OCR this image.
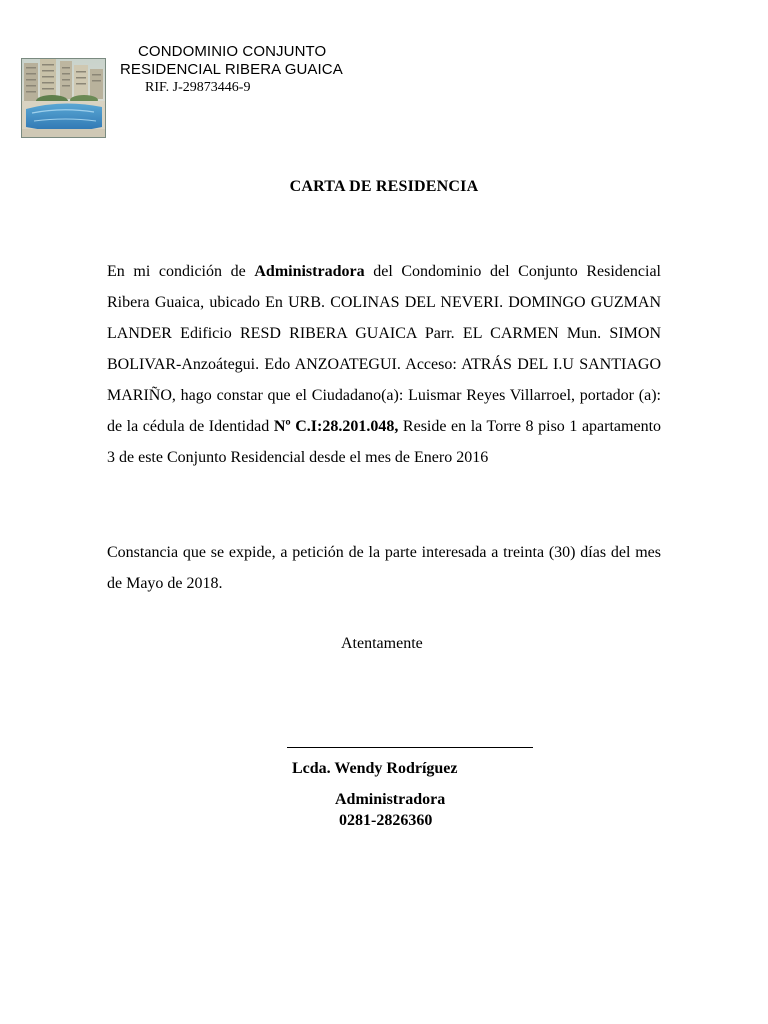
CONDOMINIO CONJUNTO
RESIDENCIAL RIBERA GUAICA
RIF. J-29873446-9
CARTA DE RESIDENCIA
En mi condición de Administradora del Condominio del Conjunto Residencial Ribera Guaica, ubicado En URB. COLINAS DEL NEVERI. DOMINGO GUZMAN LANDER Edificio RESD RIBERA GUAICA Parr. EL CARMEN Mun. SIMON BOLIVAR-Anzoátegui. Edo ANZOATEGUI. Acceso: ATRÁS DEL I.U SANTIAGO MARIÑO, hago constar que el Ciudadano(a): Luismar Reyes Villarroel, portador (a): de la cédula de Identidad Nº C.I:28.201.048, Reside en la Torre 8 piso 1 apartamento 3 de este Conjunto Residencial desde el mes de Enero 2016
Constancia que se expide, a petición de la parte interesada a treinta (30) días del mes de Mayo de 2018.
Atentamente
Lcda. Wendy Rodríguez
Administradora
0281-2826360
